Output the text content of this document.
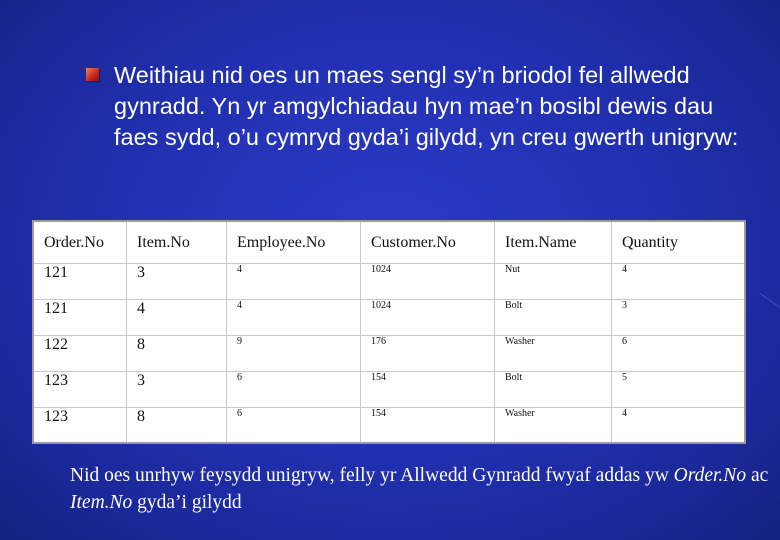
Weithiau nid oes un maes sengl sy’n briodol fel allwedd gynradd. Yn yr amgylchiadau hyn mae’n bosibl dewis dau faes sydd, o’u cymryd gyda’i gilydd, yn creu gwerth unigryw:
Order.No	Item.No	Employee.No	Customer.No	Item.Name	Quantity
121	3	4	1024	Nut	4
121	4	4	1024	Bolt	3
122	8	9	176	Washer	6
123	3	6	154	Bolt	5
123	8	6	154	Washer	4
Nid oes unrhyw feysydd unigryw, felly yr Allwedd Gynradd fwyaf addas yw Order.No ac Item.No gyda’i gilydd
